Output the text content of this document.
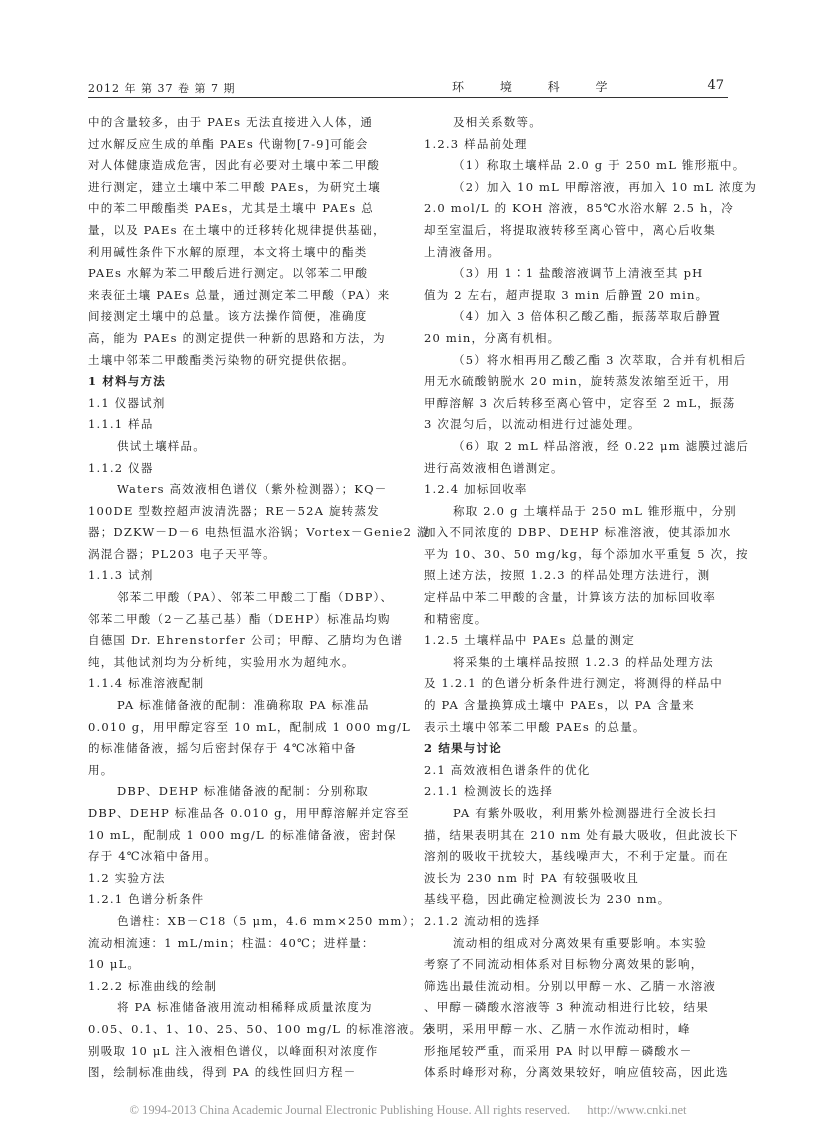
2012 年 第 37 卷 第 7 期	环 境 科 学	47
中的含量较多，由于 PAEs 无法直接进入人体，通
过水解反应生成的单酯 PAEs 代谢物[7-9]可能会
对人体健康造成危害，因此有必要对土壤中苯二甲酸
进行测定，建立土壤中苯二甲酸 PAEs，为研究土壤
中的苯二甲酸酯类 PAEs，尤其是土壤中 PAEs 总
量，以及 PAEs 在土壤中的迁移转化规律提供基础，
利用碱性条件下水解的原理，本文将土壤中的酯类
PAEs 水解为苯二甲酸后进行测定。以邻苯二甲酸
来表征土壤 PAEs 总量，通过测定苯二甲酸（PA）来
间接测定土壤中的总量。该方法操作简便，准确度
高，能为 PAEs 的测定提供一种新的思路和方法，为
土壤中邻苯二甲酸酯类污染物的研究提供依据。
1 材料与方法
1.1 仪器试剂
1.1.1 样品
供试土壤样品。
1.1.2 仪器
Waters 高效液相色谱仪（紫外检测器）；KQ－
100DE 型数控超声波清洗器；RE－52A 旋转蒸发
器；DZKW－D－6 电热恒温水浴锅；Vortex－Genie2 漩
涡混合器；PL203 电子天平等。
1.1.3 试剂
邻苯二甲酸（PA）、邻苯二甲酸二丁酯（DBP）、
邻苯二甲酸（2－乙基己基）酯（DEHP）标准品均购
自德国 Dr. Ehrenstorfer 公司；甲醇、乙腈均为色谱
纯，其他试剂均为分析纯，实验用水为超纯水。
1.1.4 标准溶液配制
PA 标准储备液的配制：准确称取 PA 标准品
0.010 g，用甲醇定容至 10 mL，配制成 1 000 mg/L
的标准储备液，摇匀后密封保存于 4℃冰箱中备
用。
DBP、DEHP 标准储备液的配制：分别称取
DBP、DEHP 标准品各 0.010 g，用甲醇溶解并定容至
10 mL，配制成 1 000 mg/L 的标准储备液，密封保
存于 4℃冰箱中备用。
1.2 实验方法
1.2.1 色谱分析条件
色谱柱：XB－C18（5 μm，4.6 mm×250 mm）；
流动相流速：1 mL/min；柱温：40℃；进样量：
10 μL。
1.2.2 标准曲线的绘制
将 PA 标准储备液用流动相稀释成质量浓度为
0.05、0.1、1、10、25、50、100 mg/L 的标准溶液。分
别吸取 10 μL 注入液相色谱仪，以峰面积对浓度作
图，绘制标准曲线，得到 PA 的线性回归方程－
及相关系数等。
1.2.3 样品前处理
（1）称取土壤样品 2.0 g 于 250 mL 锥形瓶中。
（2）加入 10 mL 甲醇溶液，再加入 10 mL 浓度为
2.0 mol/L 的 KOH 溶液，85℃水浴水解 2.5 h，冷
却至室温后，将提取液转移至离心管中，离心后收集
上清液备用。
（3）用 1∶1 盐酸溶液调节上清液至其 pH
值为 2 左右，超声提取 3 min 后静置 20 min。
（4）加入 3 倍体积乙酸乙酯，振荡萃取后静置
20 min，分离有机相。
（5）将水相再用乙酸乙酯 3 次萃取，合并有机相后
用无水硫酸钠脱水 20 min，旋转蒸发浓缩至近干，用
甲醇溶解 3 次后转移至离心管中，定容至 2 mL，振荡
3 次混匀后，以流动相进行过滤处理。
（6）取 2 mL 样品溶液，经 0.22 μm 滤膜过滤后
进行高效液相色谱测定。
1.2.4 加标回收率
称取 2.0 g 土壤样品于 250 mL 锥形瓶中，分别
加入不同浓度的 DBP、DEHP 标准溶液，使其添加水
平为 10、30、50 mg/kg，每个添加水平重复 5 次，按
照上述方法，按照 1.2.3 的样品处理方法进行，测
定样品中苯二甲酸的含量，计算该方法的加标回收率
和精密度。
1.2.5 土壤样品中 PAEs 总量的测定
将采集的土壤样品按照 1.2.3 的样品处理方法
及 1.2.1 的色谱分析条件进行测定，将测得的样品中
的 PA 含量换算成土壤中 PAEs，以 PA 含量来
表示土壤中邻苯二甲酸 PAEs 的总量。
2 结果与讨论
2.1 高效液相色谱条件的优化
2.1.1 检测波长的选择
PA 有紫外吸收，利用紫外检测器进行全波长扫
描，结果表明其在 210 nm 处有最大吸收，但此波长下
溶剂的吸收干扰较大，基线噪声大，不利于定量。而在
波长为 230 nm 时 PA 有较强吸收且
基线平稳，因此确定检测波长为 230 nm。
2.1.2 流动相的选择
流动相的组成对分离效果有重要影响。本实验
考察了不同流动相体系对目标物分离效果的影响，
筛选出最佳流动相。分别以甲醇－水、乙腈－水溶液
、甲醇－磷酸水溶液等 3 种流动相进行比较，结果
表明，采用甲醇－水、乙腈－水作流动相时，峰
形拖尾较严重，而采用 PA 时以甲醇－磷酸水－
体系时峰形对称，分离效果较好，响应值较高，因此选
© 1994-2013 China Academic Journal Electronic Publishing House. All rights reserved. http://www.cnki.net
